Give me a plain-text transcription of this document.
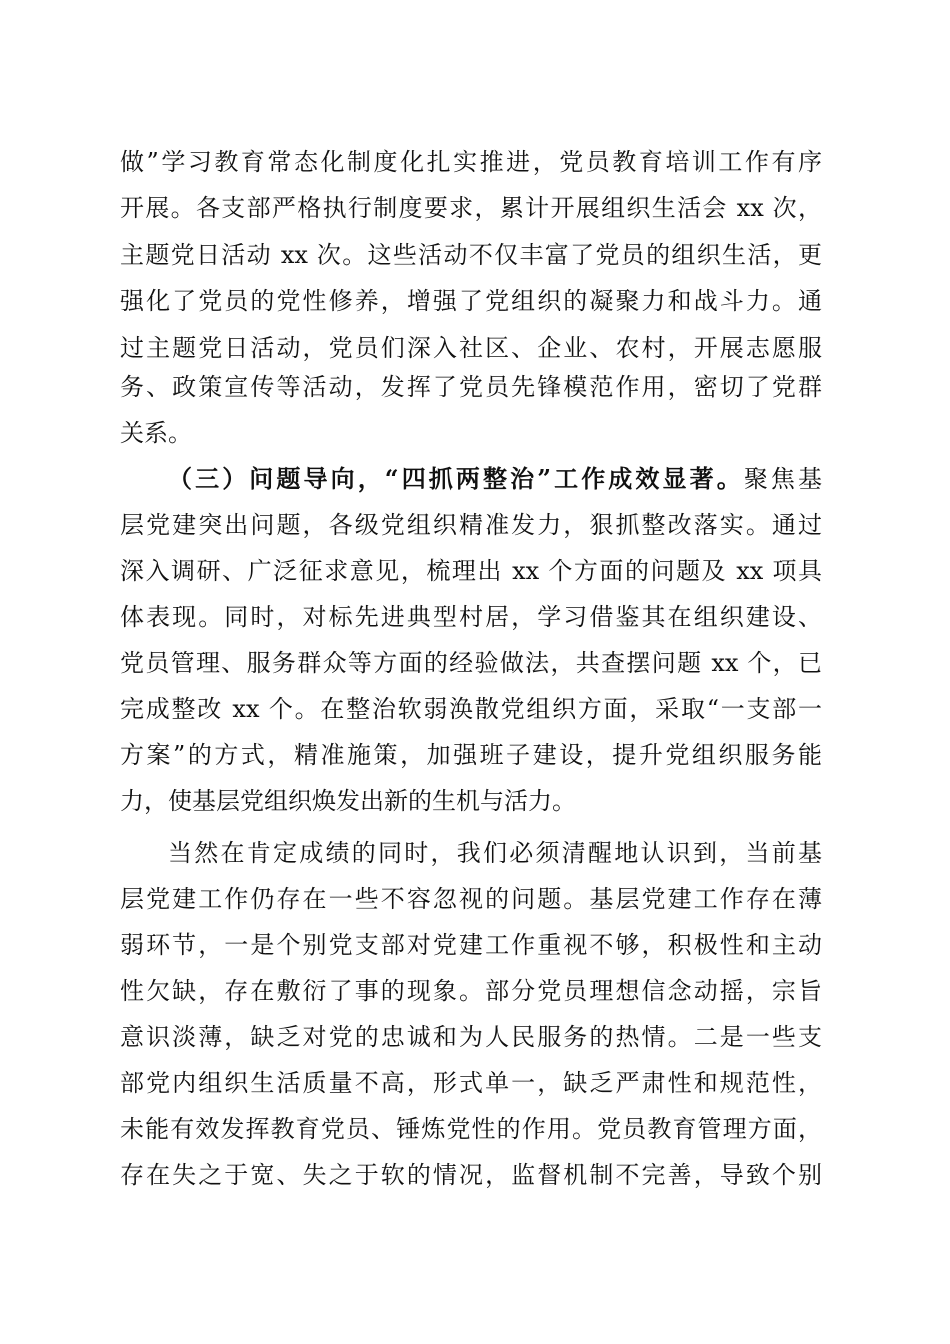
做”学习教育常态化制度化扎实推进，党员教育培训工作有序
开展。各支部严格执行制度要求，累计开展组织生活会 xx 次，
主题党日活动 xx 次。这些活动不仅丰富了党员的组织生活，更
强化了党员的党性修养，增强了党组织的凝聚力和战斗力。通
过主题党日活动，党员们深入社区、企业、农村，开展志愿服
务、政策宣传等活动，发挥了党员先锋模范作用，密切了党群
关系。
（三）问题导向，“四抓两整治”工作成效显著。聚焦基
层党建突出问题，各级党组织精准发力，狠抓整改落实。通过
深入调研、广泛征求意见，梳理出 xx 个方面的问题及 xx 项具
体表现。同时，对标先进典型村居，学习借鉴其在组织建设、
党员管理、服务群众等方面的经验做法，共查摆问题 xx 个，已
完成整改 xx 个。在整治软弱涣散党组织方面，采取“一支部一
方案”的方式，精准施策，加强班子建设，提升党组织服务能
力，使基层党组织焕发出新的生机与活力。
当然在肯定成绩的同时，我们必须清醒地认识到，当前基
层党建工作仍存在一些不容忽视的问题。基层党建工作存在薄
弱环节，一是个别党支部对党建工作重视不够，积极性和主动
性欠缺，存在敷衍了事的现象。部分党员理想信念动摇，宗旨
意识淡薄，缺乏对党的忠诚和为人民服务的热情。二是一些支
部党内组织生活质量不高，形式单一，缺乏严肃性和规范性，
未能有效发挥教育党员、锤炼党性的作用。党员教育管理方面，
存在失之于宽、失之于软的情况，监督机制不完善，导致个别
